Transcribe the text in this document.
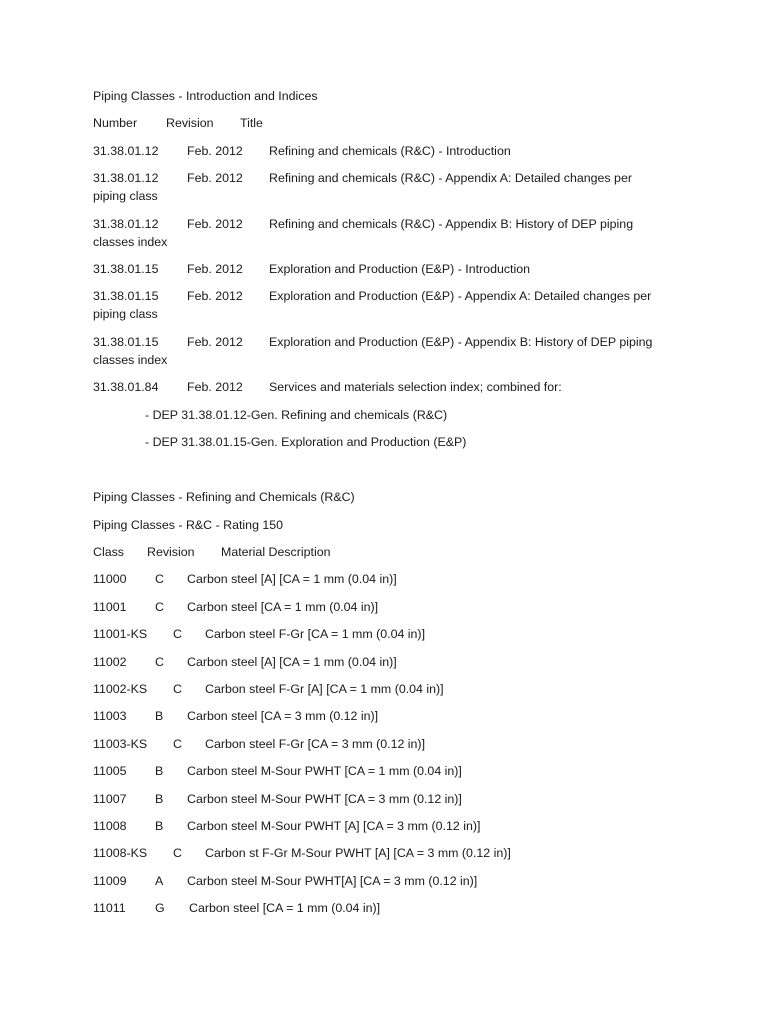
Piping Classes - Introduction and Indices
Number	Revision	Title
31.38.01.12 Feb. 2012 Refining and chemicals (R&C) - Introduction
31.38.01.12 Feb. 2012 Refining and chemicals (R&C) - Appendix A: Detailed changes per
piping class
31.38.01.12 Feb. 2012 Refining and chemicals (R&C) - Appendix B: History of DEP piping
classes index
31.38.01.15 Feb. 2012 Exploration and Production (E&P) - Introduction
31.38.01.15 Feb. 2012 Exploration and Production (E&P) - Appendix A: Detailed changes per
piping class
31.38.01.15 Feb. 2012 Exploration and Production (E&P) - Appendix B: History of DEP piping
classes index
31.38.01.84 Feb. 2012 Services and materials selection index; combined for:
- DEP 31.38.01.12-Gen. Refining and chemicals (R&C)
- DEP 31.38.01.15-Gen. Exploration and Production (E&P)
Piping Classes - Refining and Chemicals (R&C)
Piping Classes - R&C - Rating 150
Class	Revision	Material Description
11000	C	Carbon steel [A] [CA = 1 mm (0.04 in)]
11001	C	Carbon steel [CA = 1 mm (0.04 in)]
11001-KS	C	Carbon steel F-Gr [CA = 1 mm (0.04 in)]
11002	C	Carbon steel [A] [CA = 1 mm (0.04 in)]
11002-KS	C	Carbon steel F-Gr [A] [CA = 1 mm (0.04 in)]
11003	B	Carbon steel [CA = 3 mm (0.12 in)]
11003-KS	C	Carbon steel F-Gr [CA = 3 mm (0.12 in)]
11005	B	Carbon steel M-Sour PWHT [CA = 1 mm (0.04 in)]
11007	B	Carbon steel M-Sour PWHT [CA = 3 mm (0.12 in)]
11008	B	Carbon steel M-Sour PWHT [A] [CA = 3 mm (0.12 in)]
11008-KS	C	Carbon st F-Gr M-Sour PWHT [A] [CA = 3 mm (0.12 in)]
11009	A	Carbon steel M-Sour PWHT[A] [CA = 3 mm (0.12 in)]
11011	G	Carbon steel [CA = 1 mm (0.04 in)]
